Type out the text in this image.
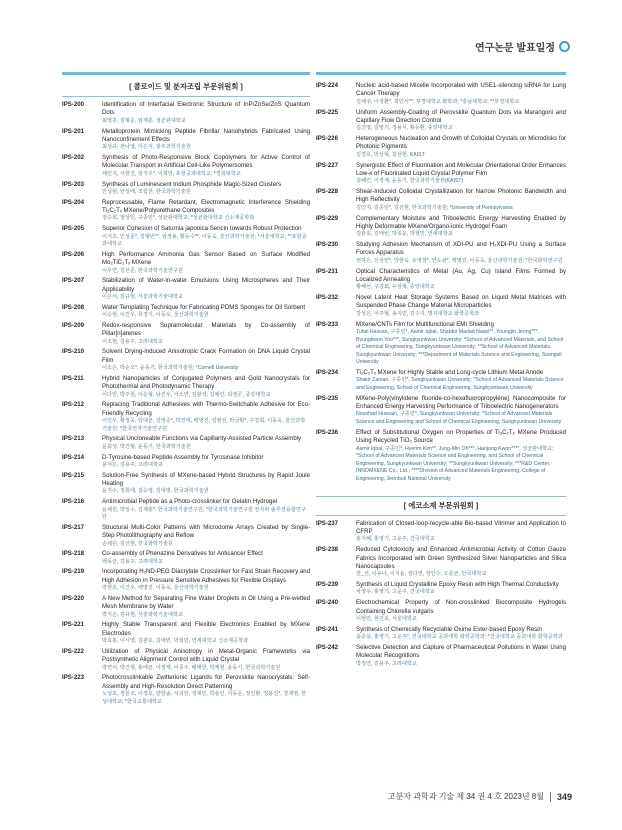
연구논문 발표일정
[ 콜로이드 및 분자조립 부문위원회 ]
IPS-200	Identification of Interfacial Electronic Structure of InP/ZnSe/ZnS Quantum Dots
최영훈, 김형준, 임재훈, 성균관대학교
IPS-201	Metalloprotein Mimicking Peptide Fibrillar Nanohybrids Fabricated Using Nanoconfinement Effects
최성규, 전나영, 이은지, 광주과학기술원
IPS-202	Synthesis of Photo-Responsive Block Copolymers for Active Control of Molecular Transport in Artificial Cell-Like Polymersomes
채민지, 서현진, 임지우*, 이희민, 포항공과대학교; *경희대학교
IPS-203	Synthesis of Luminescent Indium Phosphide Magic-Sized Clusters
안성현, 안성배, 조힘찬, 한국과학기술원
IPS-204	Reprocessable, Flame Retardant, Electromagnetic Interference Shielding Ti₃C₂Tₓ MXene/Polyurethane Composites
정승희, 정성민, 구종민*, 성균관대학교; *성균관대학교 신소재공학과
IPS-205	Superior Cohesion of Saturnia japonica Sericin towards Robust Protection
이지호, 민성준*, 김형빈**, 임정용, 황동수**, 이동욱, 울산과학기술원; *서울대학교; **포항공과대학교
IPS-206	High Performance Ammonia Gas Sensor Based on Surface Modified Mo₂TiC₂Tₓ MXene
이우연, 김선준, 한국과학기술연구원
IPS-207	Stabilization of Water-in-water Emulsions Using Microspheres and Their Applicability
이은서, 김규현, 서울과학기술대학교
IPS-208	Water Templating Technique for Fabricating PDMS Sponges for Oil Sorbent
이승현, 이건우, 류경기, 이동욱, 울산과학기술원
IPS-209	Redox-responsive Supramolecular Materials by Co-assembly of Pillar[n]arenes
이소현, 김용주, 고려대학교
IPS-210	Solvent Drying-induced Anisotropic Crack Formation on DNA Liquid Crystal Film
이소은, 박순오*, 윤동기, 한국과학기술원; *Cornell University
IPS-211	Hybrid Nanoparticles of Conjugated Polymers and Gold Nanocrystals for Photothermal and Photodynamic Therapy
이다빈, 박주현, 이운형, 남진우, 이소연, 김광석, 김채린, 티엔콘, 중앙대학교
IPS-212	Replacing Traditional Adhesives with Thermo-Switchable Adhesive for Eco-Friendly Recycling
이인우, 황정욱, 임대균, 김영준*, 박진태, 백명진, 김현선, 박금환*, 구강회, 이동욱, 울산과학기술원; *한국전자기술연구원
IPS-213	Physical Uncloneable Functions via Capillarity-Assisted Particle Assembly
윤회성, 박건형, 윤동기, 한국과학기술원
IPS-214	D-Tyrosine-based Peptide Assembly for Tyrosinase Inhibitor
윤지은, 김용주, 고려대학교
IPS-215	Solution-Free Synthesis of MXene-based Hybrid Structures by Rapid Joule Heating
윤지수, 정희태, 김승영, 김대영, 한국과학기술원
IPS-216	Antimicrobial Peptide as a Photo-crosslinker for Gelatin Hydrogel
윤채원, 박일수, 김재홍*, 한국과학기술연구원; *한국과학기술연구원 전자파 솔루션융합연구단
IPS-217	Structural Multi-Color Patterns with Microdome Arrays Created by Single-Step Photolithography and Reflow
손채원, 김선현, 한국과학기술원
IPS-218	Co-assembly of Phenazine Derivatives for Anticancer Effect
백동균, 김용주, 고려대학교
IPS-219	Incorporating H₂ND-PEG Diacrylate Crosslinker for Fast Strain Recovery and High Adhesion in Pressure Sensitive Adhesives for Flexible Displays
박현호, 이건우, 백명진, 이동욱, 울산과학기술원
IPS-220	A New Method for Separating Fine Water Droplets in Oil Using a Pre-wetted Mesh Membrane by Water
박지은, 김규현, 서울과학기술대학교
IPS-221	Highly Stable Transparent and Flexible Electronics Enabled by MXene Electrodes
박효홍, 이서영, 김관호, 김태빈, 박철민, 연세대학교 신소재공학과
IPS-222	Utilization of Physical Anisotropy in Metal-Organic Frameworks via Postsynthetic Alignment Control with Liquid Crystal
박연서, 박건형, 홍태균, 이정재, 이종주, 배태한, 박계현, 윤동기, 한국과학기술원
IPS-223	Photocrosslinkable Zwitterionic Ligands for Perovskite Nanocrystals: Self-Assembly and High-Resolution Direct Patterning
노성호, 정원조, 이경호, 양한솔, 서의한, 정재민, 박솔인, 이동운, 정인환, 정용진*, 경재영, 한성대학교; *한국교통대학교
IPS-224	Nucleic acid-based Micelle Incorporated with USE1-silencing siRNA for Lung Cancer Therapy
김채주, 이정환*, 최민서**, 부경대학교 화학과; *충남대학교; **부경대학교
IPS-225	Uniform Assembly-Coating of Perovskite Quantum Dots via Marangoni and Capillary Flow Direction Control
김진영, 김병기, 정용식, 황동환, 중앙대학교
IPS-226	Heterogeneous Nucleation and Growth of Colloidal Crystals on Microdisks for Photonic Pigments
김경호, 박상혁, 김선현, KAIST
IPS-227	Synergistic Effect of Fluorination and Molecular Orientational Order Enhances Low-κ of Fluorinated Liquid Crystal Polymer Film
김혜민, 이정재, 윤동기, 한국과학기술원(KAIST)
IPS-228	Shear-Induced Colloidal Crystallization for Narrow Photonic Bandwidth and High Reflectivity
김인지, 김종민*, 김선현, 한국과학기술원; *University of Pennsylvania
IPS-229	Complementary Moisture and Triboelectric Energy Harvesting Enabled by Highly Deformable MXene/Organo-ionic Hydrogel Foam
김관호, 김태빈, 박종윤, 박철민, 연세대학교
IPS-230	Studying Adhesion Mechanism of XDI-PU and H₂XDI-PU Using a Surface Forces Apparatus
권하은, 신상민*, 박현욱, 유영창*, 안도완*, 백명진, 이동욱, 울산과학기술원; *한국화학연구원
IPS-231	Optical Characteristics of Metal (Au, Ag, Cu) Island Films Formed by Localized Annealing
황혜선, 구강회, 유상혁, 중앙대학교
IPS-232	Novel Latent Heat Storage Systems Based on Liquid Metal Matrices with Suspended Phase Change Material Microparticles
강성은, 이주형, 송지민, 김수지, 명지대학교 화학공학과
IPS-233	MXene/CNTs Film for Multifunctional EMI Shielding
Tufail Hassan, 구종민*, Aamir Iqbal, Shabbir Madad Naqvi**, Youngjin Jeong***, Byungkwon Yoo***, Sungkyunkwan University; *School of Advanced Materials, and School of Chemical Engineering, Sungkyunkwan University; **School of Advanced Materials, Sungkyunkwan University; ***Department of Materials Science and Engineering, Soongsil University
IPS-234	Ti₃C₂Tₓ MXene for Highly Stable and Long-cycle Lithium Metal Anode
Shakir Zaman, 구종민*, Sungkyunkwan University; *School of Advanced Materials Science and Engineering, School of Chemical Engineering, Sungkyunkwan University
IPS-235	MXene-Poly(vinylidene fluoride-co-hexafluoropropylene) Nanocomposite for Enhanced Energy Harvesting Performance of Triboelectric Nanogenerators
Noushad Hussain, 구종민*, Sungkyunkwan University; *School of Advanced Materials Science and Engineering and School of Chemical Engineering, Sungkyunkwan University
IPS-236	Effect of Substitutional Oxygen on Properties of Ti₃C₂Tₓ MXene Produced Using Recycled TiO₂ Source
Aamir Iqbal, 구종민*, Hyerim Kim**, Jung-Min Oh***, Hanjung Kwon****, 성균관대학교; *School of Advanced Materials Science and Engineering, and School of Chemical Engineering, Sungkyunkwan University; **Sungkyunkwan University; ***R&D Center, INNOMXENE Co., Ltd.; ****Division of Advanced Materials Engineering, College of Engineering, Jeonbuk National University
[ 에코소재 부문위원회 ]
IPS-237	Fabrication of Closed-loop-recycle-able Bio-based Vitrimer and Application to CFRP
홍지혜, 홍영기, 고운주, 건국대학교
IPS-238	Reduced Cytotoxicity and Enhanced Antimicrobial Activity of Cotton Gauze Fabrics Incorporated with Green Synthesized Silver Nanoparticles and Silica Nanocapsules
한_선, 이유나, 이지윤, 권다연, 정인수, 오준균, 단국대학교
IPS-239	Synthesis of Liquid Crystalline Epoxy Resin with High Thermal Conductivity
차영우, 홍영기, 고운주, 건국대학교
IPS-240	Electrochemical Property of Non-crosslinked Biocomposite Hydrogels Containing Chlorella vulgaris
이현민, 현진호, 서울대학교
IPS-241	Synthesis of Chemically Recyclable Oxime Ester-based Epoxy Resin
윤준실, 홍영기, 고운주*, 건국대학교 공과대학 화학공학과; *건국대학교 공과대학 화학공학과
IPS-242	Selective Detection and Capture of Pharmaceutical Pollutions in Water Using Molecular Recognitions
박정연, 김용주, 고려대학교
고분자 과학과 기술 제 34 권 4 호 2023년 8월 349
